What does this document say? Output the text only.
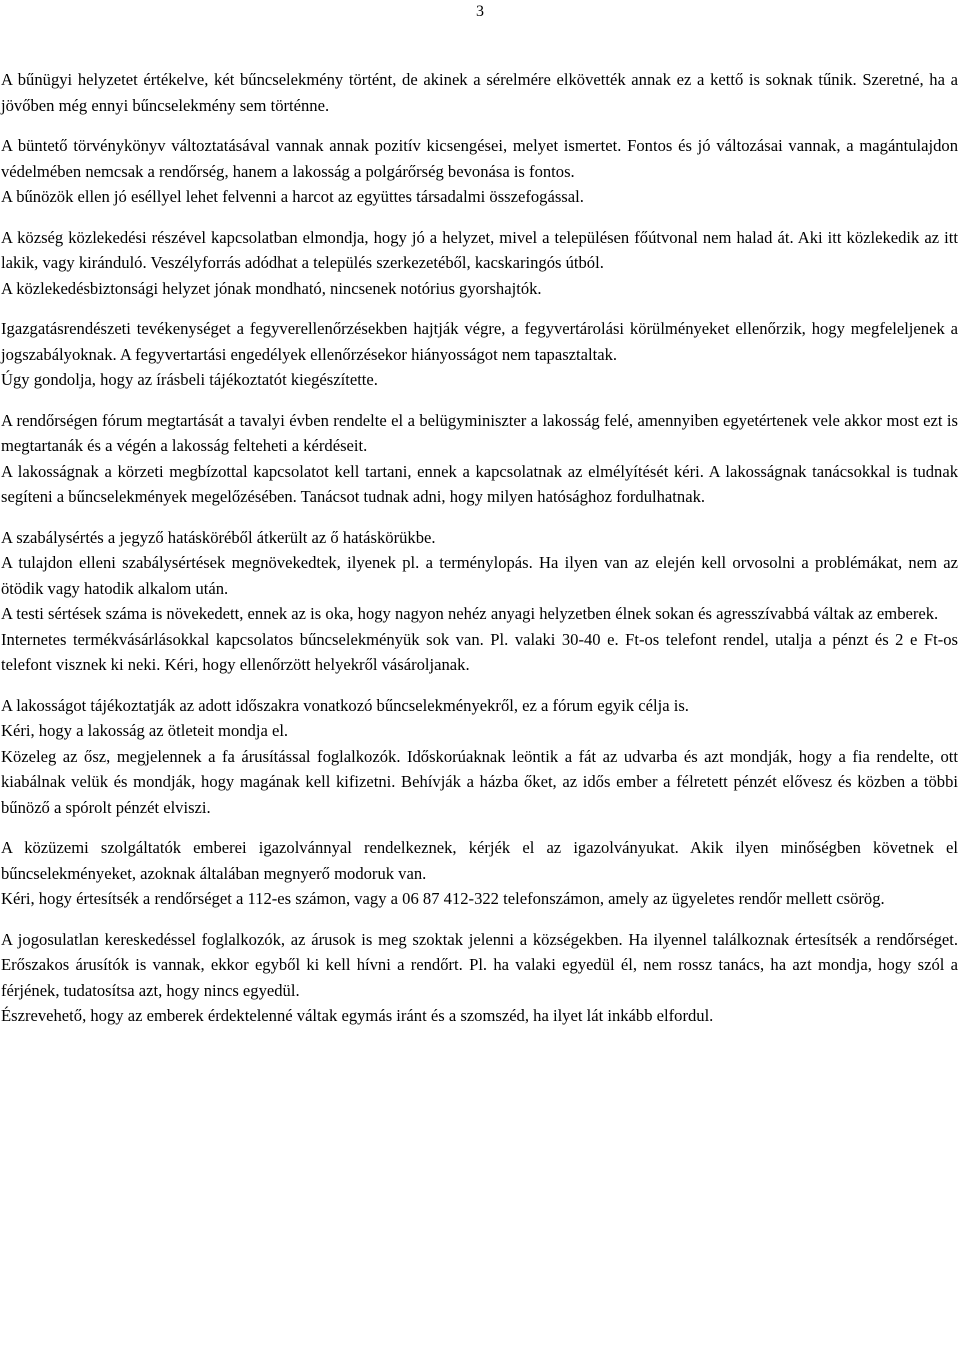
3

A bűnügyi helyzetet értékelve, két bűncselekmény történt, de akinek a sérelmére elkövették annak ez a kettő is soknak tűnik. Szeretné, ha a jövőben még ennyi bűncselekmény sem történne.

A büntető törvénykönyv változtatásával vannak annak pozitív kicsengései, melyet ismertet. Fontos és jó változásai vannak, a magántulajdon védelmében nemcsak a rendőrség, hanem a lakosság a polgárőrség bevonása is fontos.

A bűnözök ellen jó eséllyel lehet felvenni a harcot az együttes társadalmi összefogással.

A község közlekedési részével kapcsolatban elmondja, hogy jó a helyzet, mivel a településen főútvonal nem halad át. Aki itt közlekedik az itt lakik, vagy kiránduló. Veszélyforrás adódhat a település szerkezetéből, kacskaringós útból.

A közlekedésbiztonsági helyzet jónak mondható, nincsenek notórius gyorshajtók.

Igazgatásrendészeti tevékenységet a fegyverellenőrzésekben hajtják végre, a fegyvertárolási körülményeket ellenőrzik, hogy megfeleljenek a jogszabályoknak. A fegyvertartási engedélyek ellenőrzésekor hiányosságot nem tapasztaltak.

Úgy gondolja, hogy az írásbeli tájékoztatót kiegészítette.

A rendőrségen fórum megtartását a tavalyi évben rendelte el a belügyminiszter a lakosság felé, amennyiben egyetértenek vele akkor most ezt is megtartanák és a végén a lakosság felteheti a kérdéseit.

A lakosságnak a körzeti megbízottal kapcsolatot kell tartani, ennek a kapcsolatnak az elmélyítését kéri. A lakosságnak tanácsokkal is tudnak segíteni a bűncselekmények megelőzésében. Tanácsot tudnak adni, hogy milyen hatósághoz fordulhatnak.

A szabálysértés a jegyző hatásköréből átkerült az ő hatáskörükbe.

A tulajdon elleni szabálysértések megnövekedtek, ilyenek pl. a terménylopás. Ha ilyen van az elején kell orvosolni a problémákat, nem az ötödik vagy hatodik alkalom után.

A testi sértések száma is növekedett, ennek az is oka, hogy nagyon nehéz anyagi helyzetben élnek sokan és agresszívabbá váltak az emberek.

Internetes termékvásárlásokkal kapcsolatos bűncselekményük sok van. Pl. valaki 30-40 e. Ft-os telefont rendel, utalja a pénzt és 2 e Ft-os telefont visznek ki neki. Kéri, hogy ellenőrzött helyekről vásároljanak.

A lakosságot tájékoztatják az adott időszakra vonatkozó bűncselekményekről, ez a fórum egyik célja is.

Kéri, hogy a lakosság az ötleteit mondja el.

Közeleg az ősz, megjelennek a fa árusítással foglalkozók. Időskorúaknak leöntik a fát az udvarba és azt mondják, hogy a fia rendelte, ott kiabálnak velük és mondják, hogy magának kell kifizetni. Behívják a házba őket, az idős ember a félretett pénzét elővesz és közben a többi bűnöző a spórolt pénzét elviszi.

A közüzemi szolgáltatók emberei igazolvánnyal rendelkeznek, kérjék el az igazolványukat. Akik ilyen minőségben követnek el bűncselekményeket, azoknak általában megnyerő modoruk van.

Kéri, hogy értesítsék a rendőrséget a 112-es számon, vagy a 06 87 412-322 telefonszámon, amely az ügyeletes rendőr mellett csörög.

A jogosulatlan kereskedéssel foglalkozók, az árusok is meg szoktak jelenni a községekben. Ha ilyennel találkoznak értesítsék a rendőrséget. Erőszakos árusítók is vannak, ekkor egyből ki kell hívni a rendőrt. Pl. ha valaki egyedül él, nem rossz tanács, ha azt mondja, hogy szól a férjének, tudatosítsa azt, hogy nincs egyedül.

Észrevehető, hogy az emberek érdektelenné váltak egymás iránt és a szomszéd, ha ilyet lát inkább elfordul.
